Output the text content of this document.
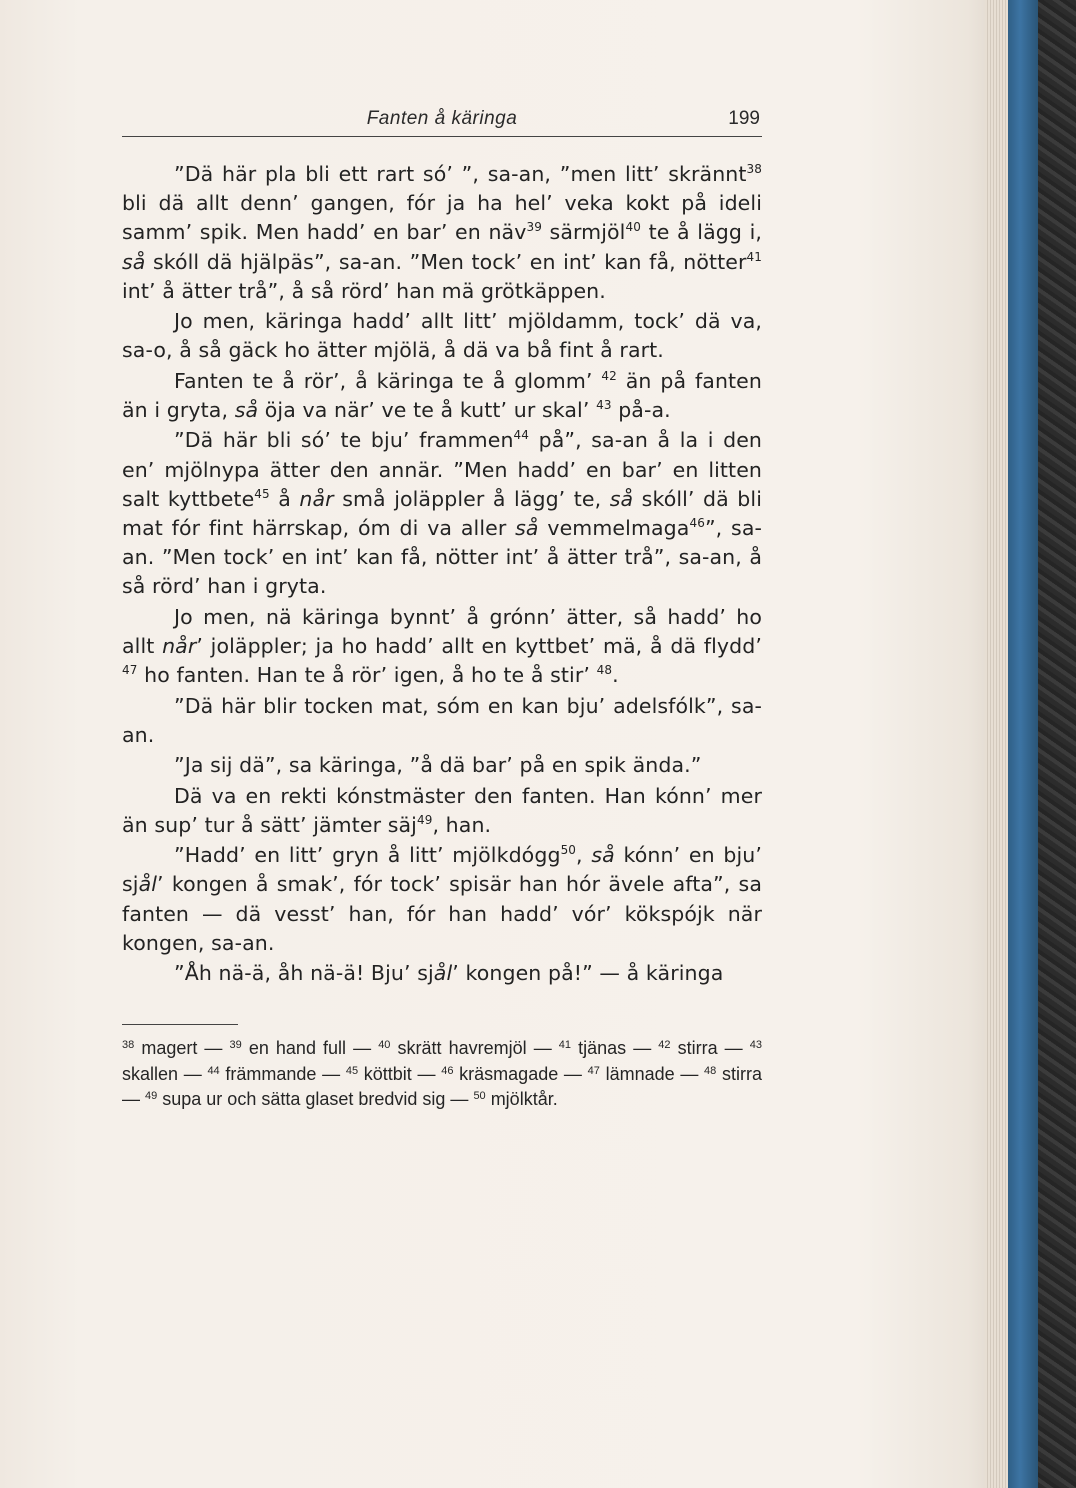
Fanten å käringa	199

”Dä här pla bli ett rart só’ ”, sa-an, ”men litt’ skrännt$^{38}$ bli dä allt denn’ gangen, fór ja ha hel’ veka kokt på ideli samm’ spik. Men hadd’ en bar’ en näv$^{39}$ särmjöl$^{40}$ te å lägg i, så skóll dä hjälpäs”, sa-an. ”Men tock’ en int’ kan få, nötter$^{41}$ int’ å ätter trå”, å så rörd’ han mä grötkäppen.

Jo men, käringa hadd’ allt litt’ mjöldamm, tock’ dä va, sa-o, å så gäck ho ätter mjölä, å dä va bå fint å rart.

Fanten te å rör’, å käringa te å glomm’ $^{42}$ än på fanten än i gryta, så öja va när’ ve te å kutt’ ur skal’ $^{43}$ på-a.

”Dä här bli só’ te bju’ frammen$^{44}$ på”, sa-an å la i den en’ mjölnypa ätter den annär. ”Men hadd’ en bar’ en litten salt kyttbete$^{45}$ å når små joläppler å lägg’ te, så skóll’ dä bli mat fór fint härrskap, óm di va aller så vemmelmaga$^{46}$”, sa-an. ”Men tock’ en int’ kan få, nötter int’ å ätter trå”, sa-an, å så rörd’ han i gryta.

Jo men, nä käringa bynnt’ å grónn’ ätter, så hadd’ ho allt når’ joläppler; ja ho hadd’ allt en kyttbet’ mä, å dä flydd’ $^{47}$ ho fanten. Han te å rör’ igen, å ho te å stir’ $^{48}$.

”Dä här blir tocken mat, sóm en kan bju’ adelsfólk”, sa-an.

”Ja sij dä”, sa käringa, ”å dä bar’ på en spik ända.”

Dä va en rekti kónstmäster den fanten. Han kónn’ mer än sup’ tur å sätt’ jämter säj$^{49}$, han.

”Hadd’ en litt’ gryn å litt’ mjölkdógg$^{50}$, så kónn’ en bju’ sjål’ kongen å smak’, fór tock’ spisär han hór ävele afta”, sa fanten — dä vesst’ han, fór han hadd’ vór’ kökspójk när kongen, sa-an.

”Åh nä-ä, åh nä-ä! Bju’ sjål’ kongen på!” — å käringa

$^{38}$ magert — $^{39}$ en hand full — $^{40}$ skrätt havremjöl — $^{41}$ tjänas — $^{42}$ stirra — $^{43}$ skallen — $^{44}$ främmande — $^{45}$ köttbit — $^{46}$ kräsmagade — $^{47}$ lämnade — $^{48}$ stirra — $^{49}$ supa ur och sätta glaset bredvid sig — $^{50}$ mjölktår.
